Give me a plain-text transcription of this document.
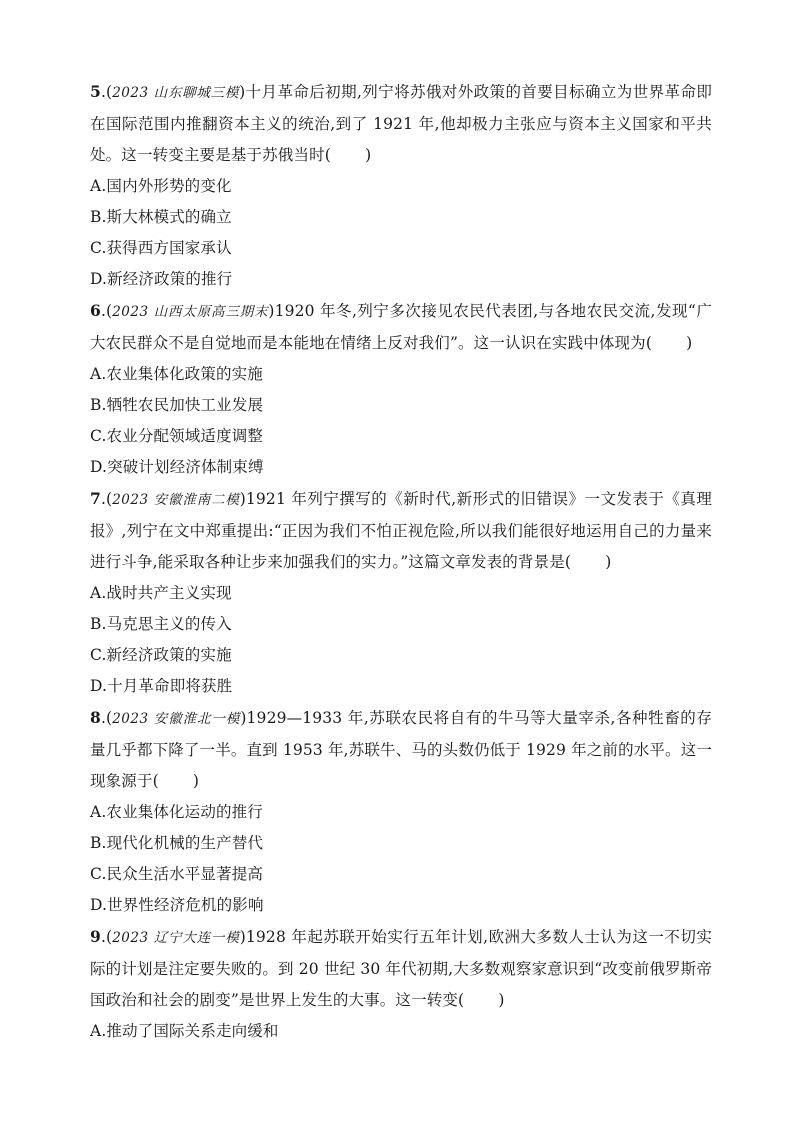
5.(2023 山东聊城三模)十月革命后初期,列宁将苏俄对外政策的首要目标确立为世界革命即在国际范围内推翻资本主义的统治,到了 1921 年,他却极力主张应与资本主义国家和平共处。这一转变主要是基于苏俄当时( )

A.国内外形势的变化

B.斯大林模式的确立

C.获得西方国家承认

D.新经济政策的推行

6.(2023 山西太原高三期末)1920 年冬,列宁多次接见农民代表团,与各地农民交流,发现“广大农民群众不是自觉地而是本能地在情绪上反对我们”。这一认识在实践中体现为( )

A.农业集体化政策的实施

B.牺牲农民加快工业发展

C.农业分配领域适度调整

D.突破计划经济体制束缚

7.(2023 安徽淮南二模)1921 年列宁撰写的《新时代,新形式的旧错误》一文发表于《真理报》,列宁在文中郑重提出:“正因为我们不怕正视危险,所以我们能很好地运用自己的力量来进行斗争,能采取各种让步来加强我们的实力。”这篇文章发表的背景是( )

A.战时共产主义实现

B.马克思主义的传入

C.新经济政策的实施

D.十月革命即将获胜

8.(2023 安徽淮北一模)1929—1933 年,苏联农民将自有的牛马等大量宰杀,各种牲畜的存量几乎都下降了一半。直到 1953 年,苏联牛、马的头数仍低于 1929 年之前的水平。这一现象源于( )

A.农业集体化运动的推行

B.现代化机械的生产替代

C.民众生活水平显著提高

D.世界性经济危机的影响

9.(2023 辽宁大连一模)1928 年起苏联开始实行五年计划,欧洲大多数人士认为这一不切实际的计划是注定要失败的。到 20 世纪 30 年代初期,大多数观察家意识到“改变前俄罗斯帝国政治和社会的剧变”是世界上发生的大事。这一转变( )

A.推动了国际关系走向缓和
